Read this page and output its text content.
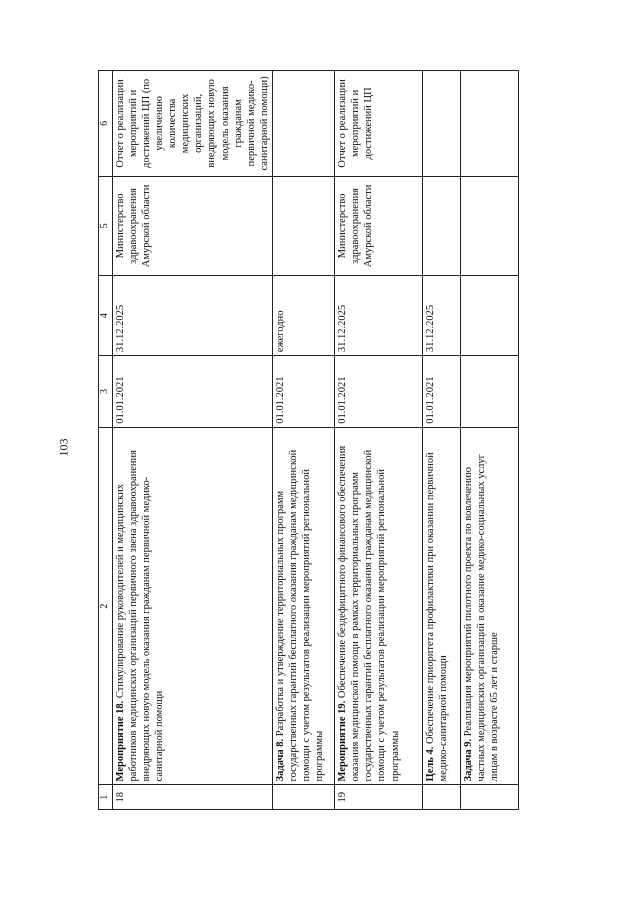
103
1	2	3	4	5	6
18	Мероприятие 18. Стимулирование руководителей и медицинских работников медицинских организаций первичного звена здравоохранения внедряющих новую модель оказания гражданам первичной медико-санитарной помощи	01.01.2021	31.12.2025	Министерство здравоохранения Амурской области	Отчет о реализации мероприятий и достижений ЦП (по увеличению количества медицинских организаций, внедряющих новую модель оказания гражданам первичной медико-санитарной помощи)
	Задача 8. Разработка и утверждение территориальных программ государственных гарантий бесплатного оказания гражданам медицинской помощи с учетом результатов реализации мероприятий региональной программы	01.01.2021	ежегодно		
19	Мероприятие 19. Обеспечение бездефицитного финансового обеспечения оказания медицинской помощи в рамках территориальных программ государственных гарантий бесплатного оказания гражданам медицинской помощи с учетом результатов реализации мероприятий региональной программы	01.01.2021	31.12.2025	Министерство здравоохранения Амурской области	Отчет о реализации мероприятий и достижений ЦП
	Цель 4. Обеспечение приоритета профилактики при оказании первичной медико-санитарной помощи	01.01.2021	31.12.2025		
	Задача 9. Реализация мероприятий пилотного проекта по вовлечению частных медицинских организаций в оказание медико-социальных услуг лицам в возрасте 65 лет и старше				
